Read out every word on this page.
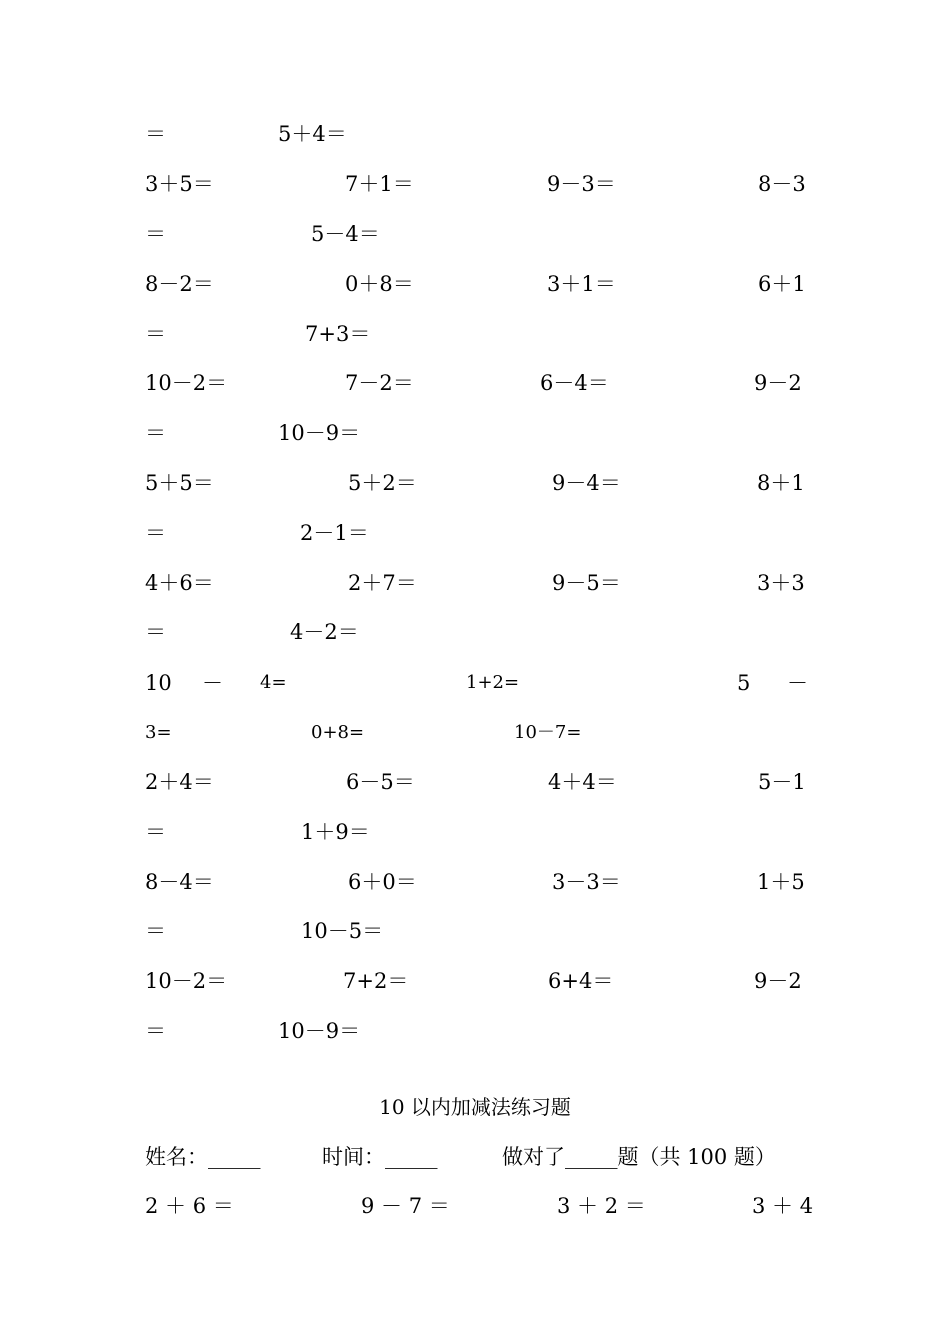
＝	5＋4＝
3＋5＝	7＋1＝	9－3＝	8－3
＝	5－4＝
8－2＝	0＋8＝	3＋1＝	6＋1
＝	7+3＝
10－2＝	7－2＝	6－4＝	9－2
＝	10－9＝
5＋5＝	5＋2＝	9－4＝	8＋1
＝	2－1＝
4＋6＝	2＋7＝	9－5＝	3＋3
＝	4－2＝
10 － 4=	1+2=	5 －
3=	0+8=	10－7=
2＋4＝	6－5＝	4＋4＝	5－1
＝	1＋9＝
8－4＝	6＋0＝	3－3＝	1＋5
＝	10－5＝
10－2＝	7+2＝	6+4＝	9－2
＝	10－9＝
10 以内加减法练习题
姓名：_____	时间：_____	做对了_____题（共 100 题）
2 ＋ 6 ＝	9 － 7 ＝	3 ＋ 2 ＝	3 ＋ 4
